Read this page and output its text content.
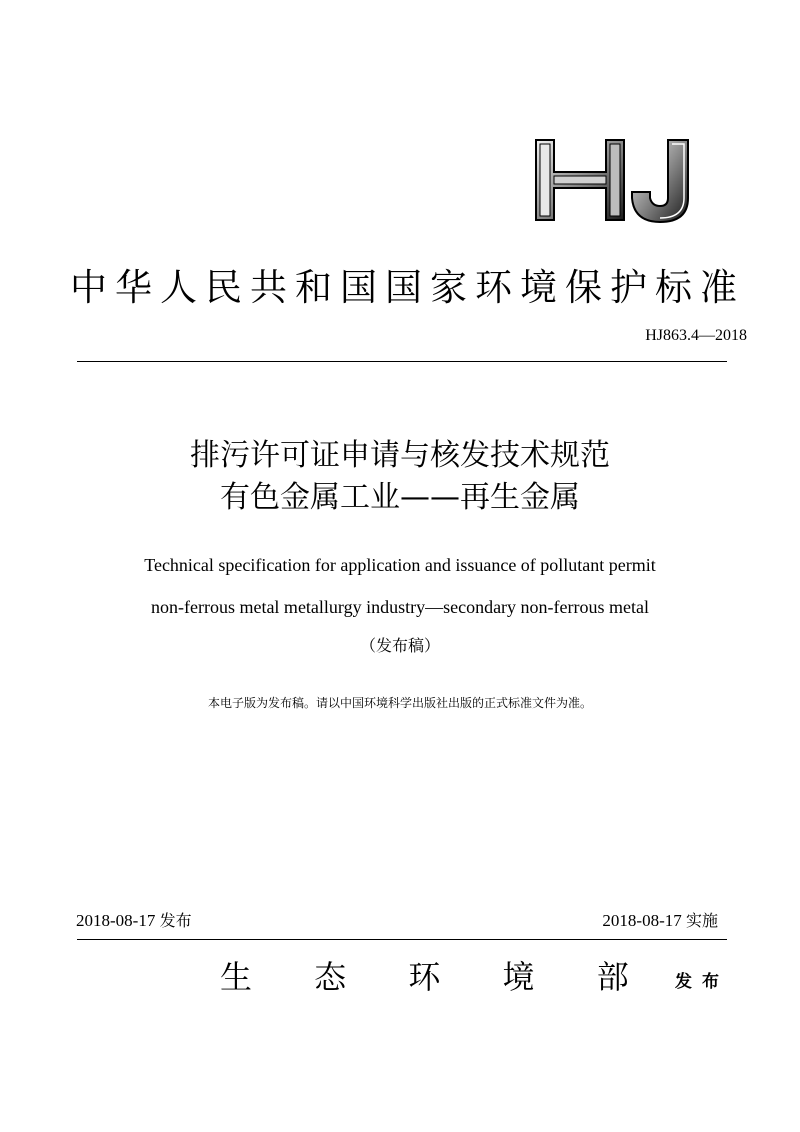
中华人民共和国国家环境保护标准
HJ863.4—2018
排污许可证申请与核发技术规范
有色金属工业——再生金属
Technical specification for application and issuance of pollutant permit
non-ferrous metal metallurgy industry—secondary non-ferrous metal
（发布稿）
本电子版为发布稿。请以中国环境科学出版社出版的正式标准文件为准。
2018-08-17 发布	2018-08-17 实施
生 态 环 境 部 发布
